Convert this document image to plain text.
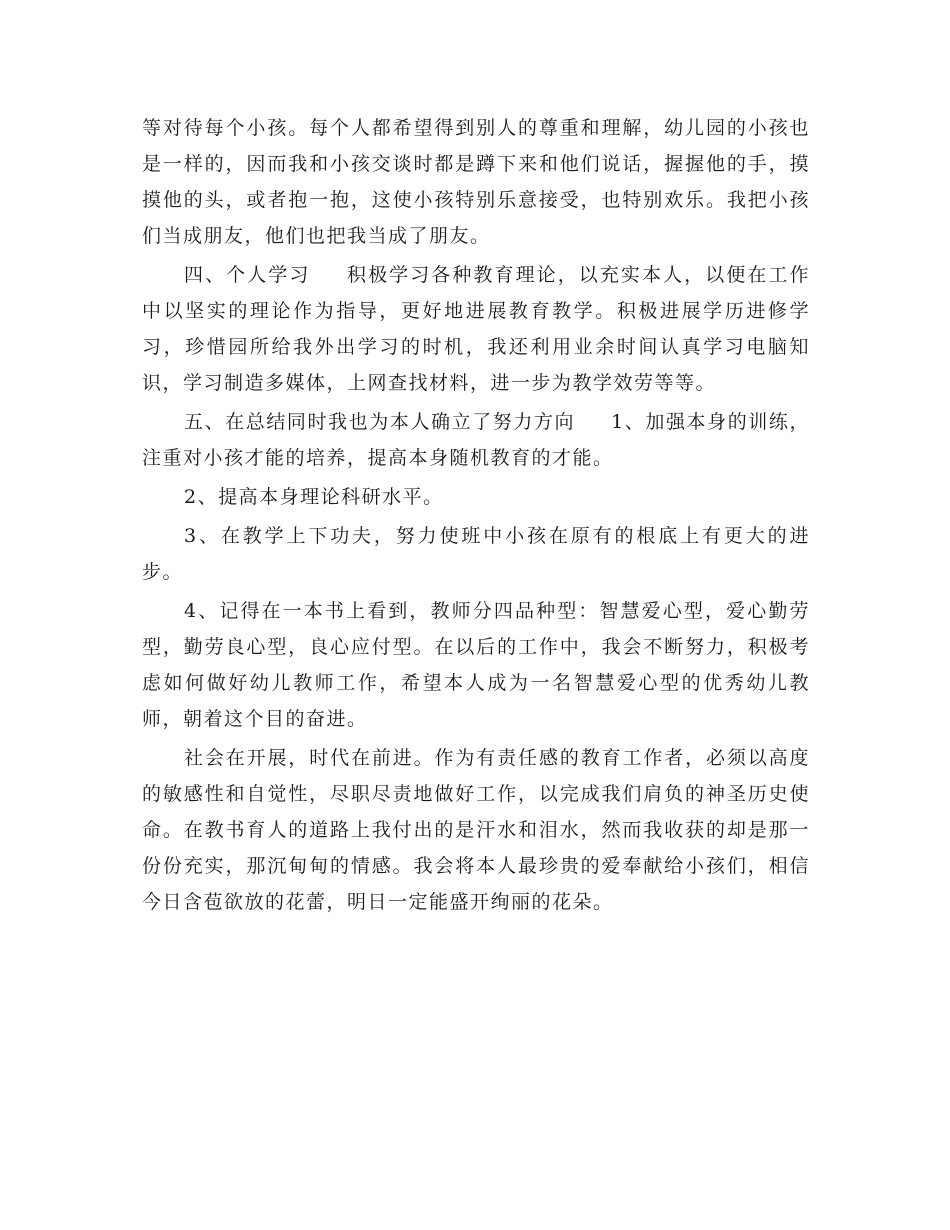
等对待每个小孩。每个人都希望得到别人的尊重和理解，幼儿园的小孩也是一样的，因而我和小孩交谈时都是蹲下来和他们说话，握握他的手，摸摸他的头，或者抱一抱，这使小孩特别乐意接受，也特别欢乐。我把小孩们当成朋友，他们也把我当成了朋友。

四、个人学习 积极学习各种教育理论，以充实本人，以便在工作中以坚实的理论作为指导，更好地进展教育教学。积极进展学历进修学习，珍惜园所给我外出学习的时机，我还利用业余时间认真学习电脑知识，学习制造多媒体，上网查找材料，进一步为教学效劳等等。

五、在总结同时我也为本人确立了努力方向 1、加强本身的训练，注重对小孩才能的培养，提高本身随机教育的才能。

2、提高本身理论科研水平。

3、在教学上下功夫，努力使班中小孩在原有的根底上有更大的进步。

4、记得在一本书上看到，教师分四品种型：智慧爱心型，爱心勤劳型，勤劳良心型，良心应付型。在以后的工作中，我会不断努力，积极考虑如何做好幼儿教师工作，希望本人成为一名智慧爱心型的优秀幼儿教师，朝着这个目的奋进。

社会在开展，时代在前进。作为有责任感的教育工作者，必须以高度的敏感性和自觉性，尽职尽责地做好工作，以完成我们肩负的神圣历史使命。在教书育人的道路上我付出的是汗水和泪水，然而我收获的却是那一份份充实，那沉甸甸的情感。我会将本人最珍贵的爱奉献给小孩们，相信今日含苞欲放的花蕾，明日一定能盛开绚丽的花朵。
